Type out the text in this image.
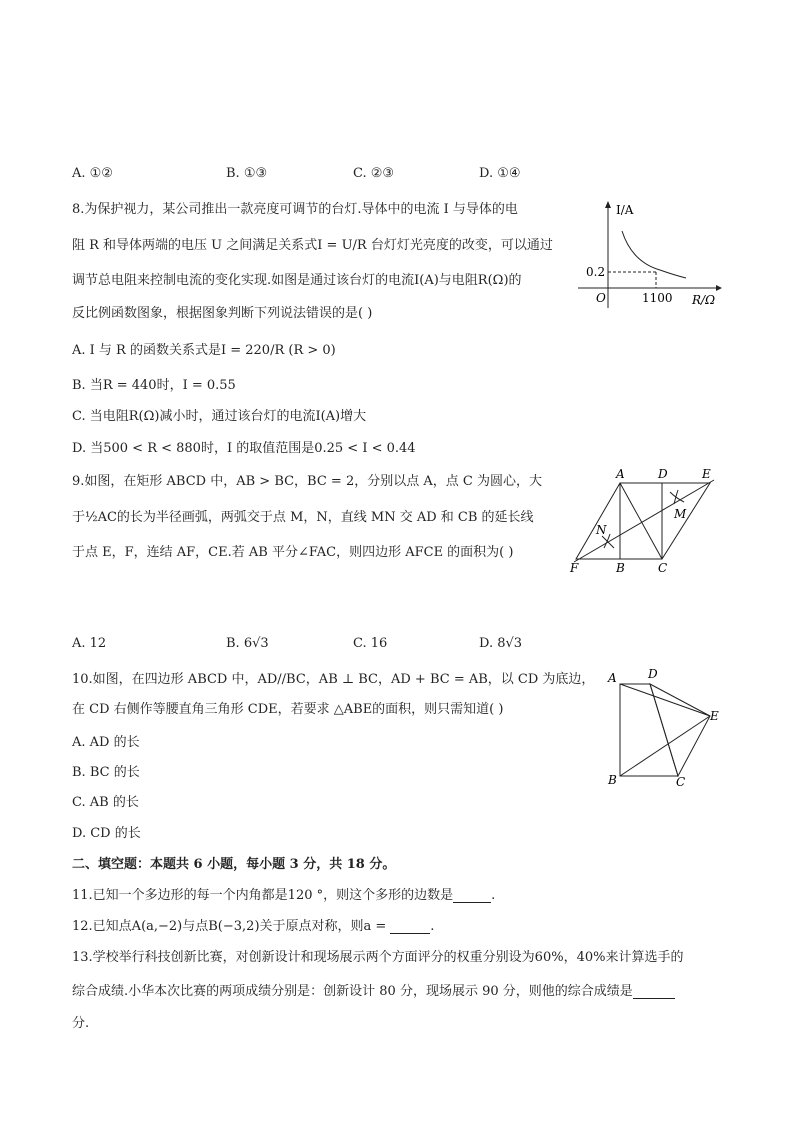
A. ①②	B. ①③	C. ②③	D. ①④
8.为保护视力，某公司推出一款亮度可调节的台灯.导体中的电流 I 与导体的电
阻 R 和导体两端的电压 U 之间满足关系式I = U/R 台灯灯光亮度的改变，可以通过
调节总电阻来控制电流的变化实现.如图是通过该台灯的电流I(A)与电阻R(Ω)的
反比例函数图象，根据图象判断下列说法错误的是( )
A. I 与 R 的函数关系式是I = 220/R (R > 0)
B. 当R = 440时，I = 0.55
C. 当电阻R(Ω)减小时，通过该台灯的电流I(A)增大
D. 当500 < R < 880时，I 的取值范围是0.25 < I < 0.44
I/A
R/Ω
O
0.2
1100
9.如图，在矩形 ABCD 中，AB > BC，BC = 2，分别以点 A，点 C 为圆心，大
于½AC的长为半径画弧，两弧交于点 M，N，直线 MN 交 AD 和 CB 的延长线
于点 E，F，连结 AF，CE.若 AB 平分∠FAC，则四边形 AFCE 的面积为( )
A	D	E
M
N
F	B	C
A. 12	B. 6√3	C. 16	D. 8√3
10.如图，在四边形 ABCD 中，AD//BC，AB ⊥ BC，AD + BC = AB，以 CD 为底边，
在 CD 右侧作等腰直角三角形 CDE，若要求 △ABE的面积，则只需知道( )
A. AD 的长
B. BC 的长
C. AB 的长
D. CD 的长
A	D
E
B	C
二、填空题：本题共 6 小题，每小题 3 分，共 18 分。
11.已知一个多边形的每一个内角都是120 °，则这个多形的边数是	.
12.已知点A(a,−2)与点B(−3,2)关于原点对称，则a =	.
13.学校举行科技创新比赛，对创新设计和现场展示两个方面评分的权重分别设为60%，40%来计算选手的
综合成绩.小华本次比赛的两项成绩分别是：创新设计 80 分，现场展示 90 分，则他的综合成绩是
分.
